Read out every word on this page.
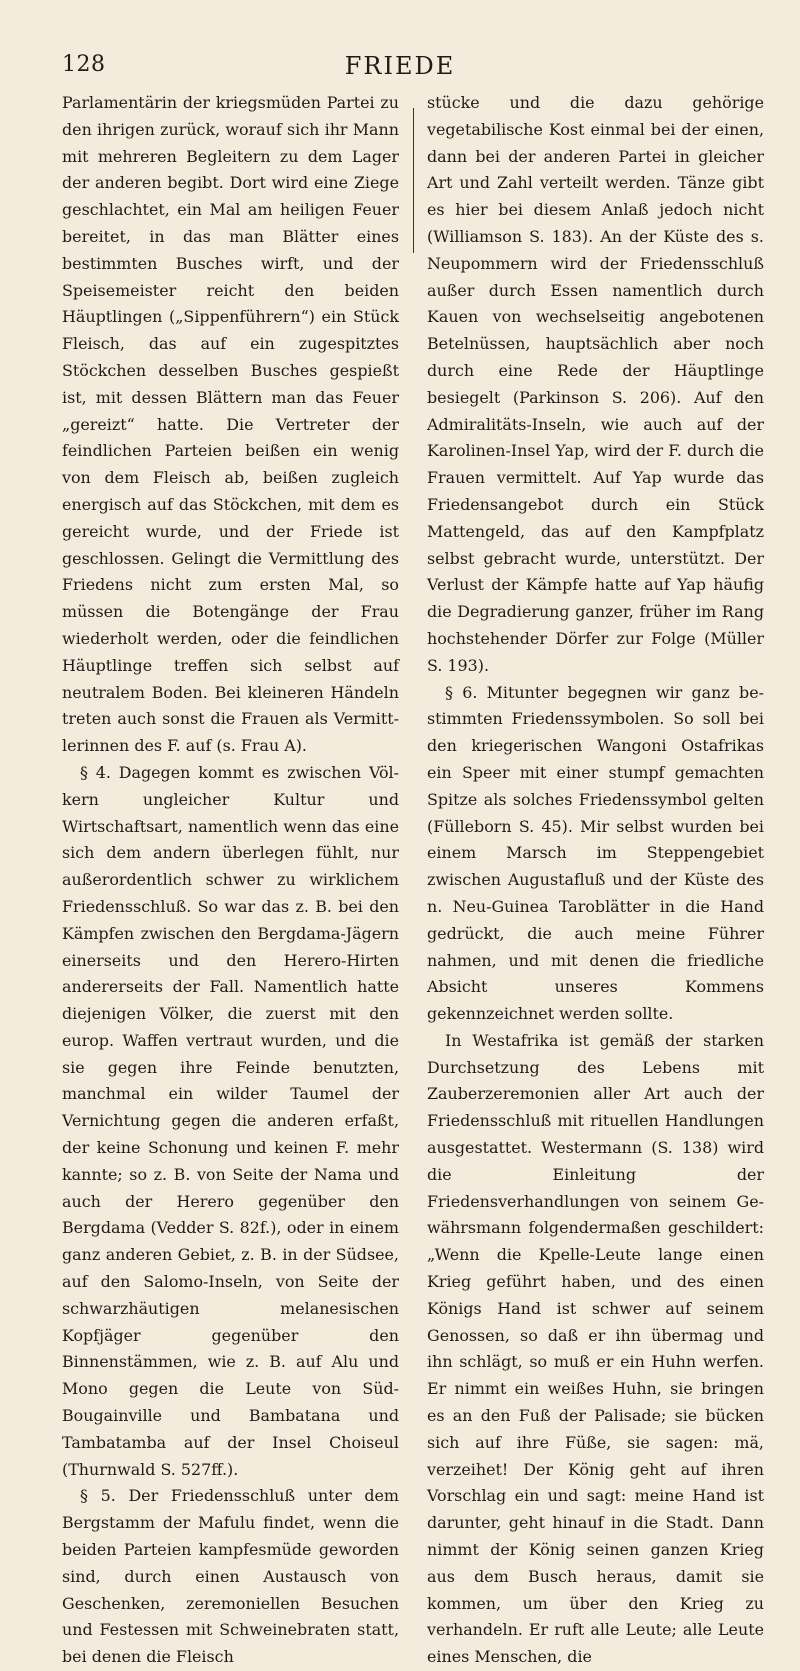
128	FRIEDE

Parlamentärin der kriegsmüden Partei zu den ihrigen zurück, worauf sich ihr Mann mit mehreren Begleitern zu dem Lager der anderen begibt. Dort wird eine Ziege geschlachtet, ein Mal am heiligen Feuer bereitet, in das man Blätter eines bestimmten Busches wirft, und der Speisemeister reicht den beiden Häuptlingen („Sippenführern“) ein Stück Fleisch, das auf ein zugespitztes Stöckchen desselben Busches gespießt ist, mit dessen Blättern man das Feuer „gereizt“ hatte. Die Vertreter der feindlichen Parteien beißen ein wenig von dem Fleisch ab, beißen zugleich energisch auf das Stöckchen, mit dem es gereicht wurde, und der Friede ist geschlossen. Gelingt die Vermittlung des Friedens nicht zum ersten Mal, so müssen die Botengänge der Frau wiederholt werden, oder die feindlichen Häuptlinge treffen sich selbst auf neutralem Boden. Bei kleineren Händeln treten auch sonst die Frauen als Vermittlerinnen des F. auf (s. Frau A).

§ 4. Dagegen kommt es zwischen Völkern ungleicher Kultur und Wirtschaftsart, namentlich wenn das eine sich dem andern überlegen fühlt, nur außerordentlich schwer zu wirklichem Friedensschluß. So war das z. B. bei den Kämpfen zwischen den Bergdama-Jägern einerseits und den Herero-Hirten andererseits der Fall. Namentlich hatte diejenigen Völker, die zuerst mit den europ. Waffen vertraut wurden, und die sie gegen ihre Feinde benutzten, manchmal ein wilder Taumel der Vernichtung gegen die anderen erfaßt, der keine Schonung und keinen F. mehr kannte; so z. B. von Seite der Nama und auch der Herero gegenüber den Bergdama (Vedder S. 82f.), oder in einem ganz anderen Gebiet, z. B. in der Südsee, auf den Salomo-Inseln, von Seite der schwarzhäutigen melanesischen Kopfjäger gegenüber den Binnenstämmen, wie z. B. auf Alu und Mono gegen die Leute von Süd-Bougainville und Bambatana und Tambatamba auf der Insel Choiseul (Thurnwald S. 527ff.).

§ 5. Der Friedensschluß unter dem Bergstamm der Mafulu findet, wenn die beiden Parteien kampfesmüde geworden sind, durch einen Austausch von Geschenken, zeremoniellen Besuchen und Festessen mit Schweinebraten statt, bei denen die Fleisch

stücke und die dazu gehörige vegetabilische Kost einmal bei der einen, dann bei der anderen Partei in gleicher Art und Zahl verteilt werden. Tänze gibt es hier bei diesem Anlaß jedoch nicht (Williamson S. 183). An der Küste des s. Neupommern wird der Friedensschluß außer durch Essen namentlich durch Kauen von wechselseitig angebotenen Betelnüssen, hauptsächlich aber noch durch eine Rede der Häuptlinge besiegelt (Parkinson S. 206). Auf den Admiralitäts-Inseln, wie auch auf der Karolinen-Insel Yap, wird der F. durch die Frauen vermittelt. Auf Yap wurde das Friedensangebot durch ein Stück Mattengeld, das auf den Kampfplatz selbst gebracht wurde, unterstützt. Der Verlust der Kämpfe hatte auf Yap häufig die Degradierung ganzer, früher im Rang hochstehender Dörfer zur Folge (Müller S. 193).

§ 6. Mitunter begegnen wir ganz bestimmten Friedenssymbolen. So soll bei den kriegerischen Wangoni Ostafrikas ein Speer mit einer stumpf gemachten Spitze als solches Friedenssymbol gelten (Fülleborn S. 45). Mir selbst wurden bei einem Marsch im Steppengebiet zwischen Augustafluß und der Küste des n. Neu-Guinea Taroblätter in die Hand gedrückt, die auch meine Führer nahmen, und mit denen die friedliche Absicht unseres Kommens gekennzeichnet werden sollte.

In Westafrika ist gemäß der starken Durchsetzung des Lebens mit Zauberzeremonien aller Art auch der Friedensschluß mit rituellen Handlungen ausgestattet. Westermann (S. 138) wird die Einleitung der Friedensverhandlungen von seinem Gewährsmann folgendermaßen geschildert: „Wenn die Kpelle-Leute lange einen Krieg geführt haben, und des einen Königs Hand ist schwer auf seinem Genossen, so daß er ihn übermag und ihn schlägt, so muß er ein Huhn werfen. Er nimmt ein weißes Huhn, sie bringen es an den Fuß der Palisade; sie bücken sich auf ihre Füße, sie sagen: mä, verzeihet! Der König geht auf ihren Vorschlag ein und sagt: meine Hand ist darunter, geht hinauf in die Stadt. Dann nimmt der König seinen ganzen Krieg aus dem Busch heraus, damit sie kommen, um über den Krieg zu verhandeln. Er ruft alle Leute; alle Leute eines Menschen, die
